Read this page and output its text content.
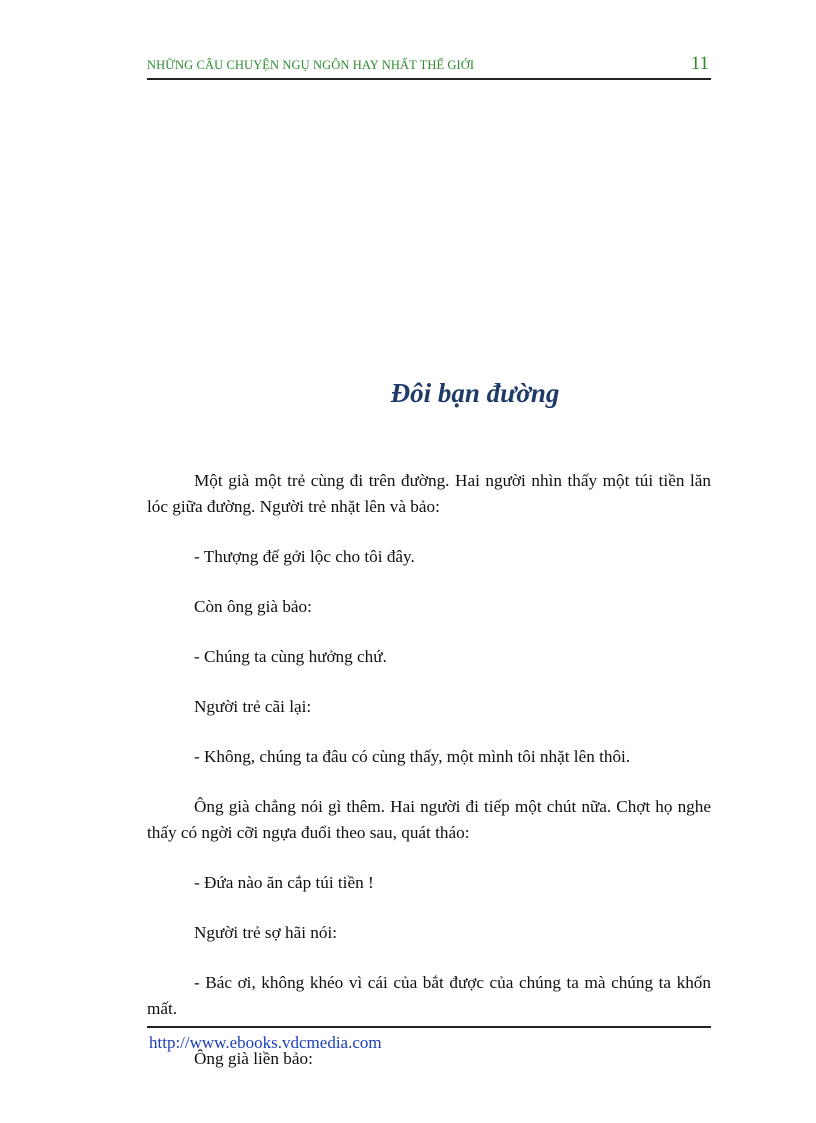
NHỮNG CÂU CHUYỆN NGỤ NGÔN HAY NHẤT THẾ GIỚI	11
Đôi bạn đường

Một già một trẻ cùng đi trên đường. Hai người nhìn thấy một túi tiền lăn lóc giữa đường. Người trẻ nhặt lên và bảo:

- Thượng đế gởi lộc cho tôi đây.

Còn ông già bảo:

- Chúng ta cùng hưởng chứ.

Người trẻ cãi lại:

- Không, chúng ta đâu có cùng thấy, một mình tôi nhặt lên thôi.

Ông già chẳng nói gì thêm. Hai người đi tiếp một chút nữa. Chợt họ nghe thấy có ngời cỡi ngựa đuổi theo sau, quát tháo:

- Đứa nào ăn cắp túi tiền !

Người trẻ sợ hãi nói:

- Bác ơi, không khéo vì cái của bắt được của chúng ta mà chúng ta khốn mất.

Ông già liền bảo:

http://www.ebooks.vdcmedia.com
